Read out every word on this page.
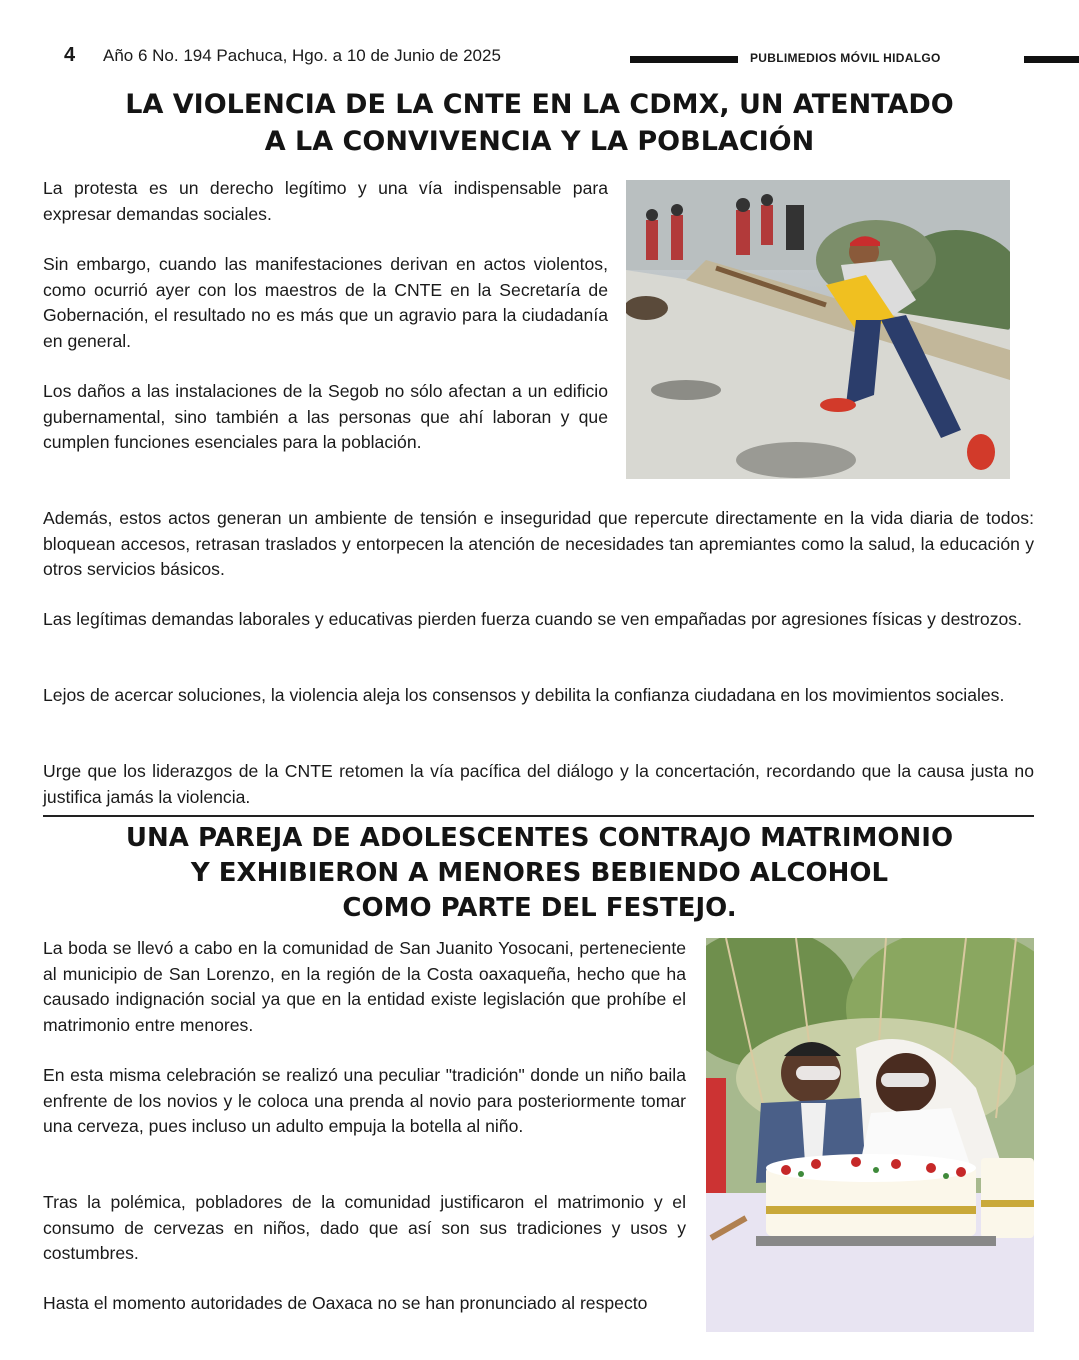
4 Año 6 No. 194 Pachuca, Hgo. a 10 de Junio de 2025	PUBLIMEDIOS MÓVIL HIDALGO
LA VIOLENCIA DE LA CNTE EN LA CDMX, UN ATENTADO
A LA CONVIVENCIA Y LA POBLACIÓN

La protesta es un derecho legítimo y una vía indispensable para expresar demandas sociales.

Sin embargo, cuando las manifestaciones derivan en actos violentos, como ocurrió ayer con los maestros de la CNTE en la Secretaría de Gobernación, el resultado no es más que un agravio para la ciudadanía en general.

Los daños a las instalaciones de la Segob no sólo afectan a un edificio gubernamental, sino también a las personas que ahí laboran y que cumplen funciones esenciales para la población.

Además, estos actos generan un ambiente de tensión e inseguridad que repercute directamente en la vida diaria de todos: bloquean accesos, retrasan traslados y entorpecen la atención de necesidades tan apremiantes como la salud, la educación y otros servicios básicos.

Las legítimas demandas laborales y educativas pierden fuerza cuando se ven empañadas por agresiones físicas y destrozos.

Lejos de acercar soluciones, la violencia aleja los consensos y debilita la confianza ciudadana en los movimientos sociales.

Urge que los liderazgos de la CNTE retomen la vía pacífica del diálogo y la concertación, recordando que la causa justa no justifica jamás la violencia.

UNA PAREJA DE ADOLESCENTES CONTRAJO MATRIMONIO
Y EXHIBIERON A MENORES BEBIENDO ALCOHOL
COMO PARTE DEL FESTEJO.

La boda se llevó a cabo en la comunidad de San Juanito Yosocani, perteneciente al municipio de San Lorenzo, en la región de la Costa oaxaqueña, hecho que ha causado indignación social ya que en la entidad existe legislación que prohíbe el matrimonio entre menores.

En esta misma celebración se realizó una peculiar "tradición" donde un niño baila enfrente de los novios y le coloca una prenda al novio para posteriormente tomar una cerveza, pues incluso un adulto empuja la botella al niño.

Tras la polémica, pobladores de la comunidad justificaron el matrimonio y el consumo de cervezas en niños, dado que así son sus tradiciones y usos y costumbres.

Hasta el momento autoridades de Oaxaca no se han pronunciado al respecto
